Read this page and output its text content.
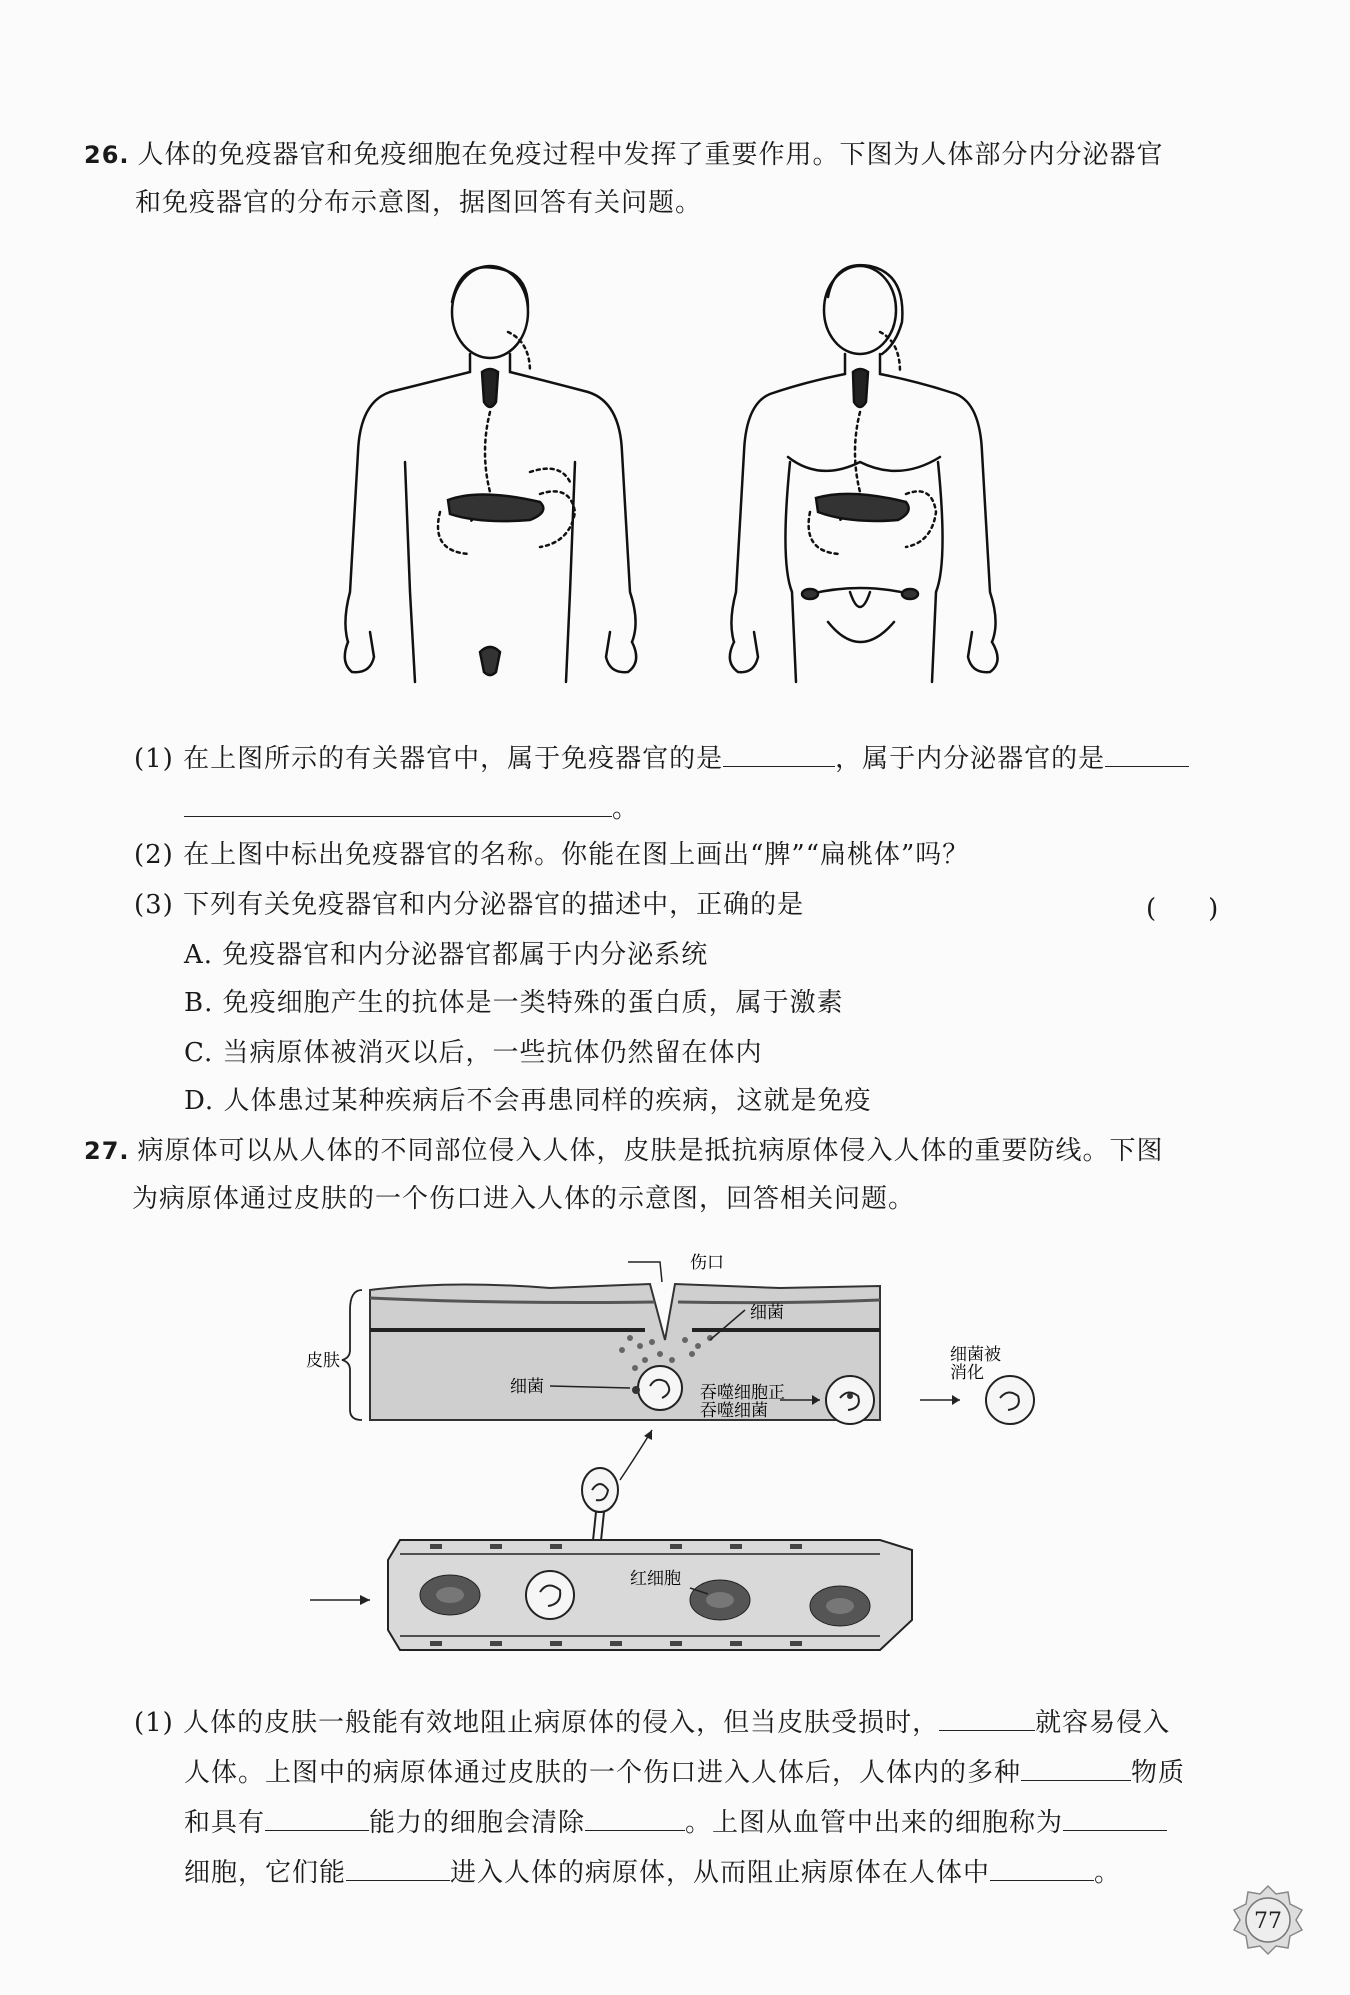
26. 人体的免疫器官和免疫细胞在免疫过程中发挥了重要作用。下图为人体部分内分泌器官
和免疫器官的分布示意图，据图回答有关问题。
(1) 在上图所示的有关器官中，属于免疫器官的是	，属于内分泌器官的是
。
(2) 在上图中标出免疫器官的名称。你能在图上画出“脾”“扁桃体”吗？
(3) 下列有关免疫器官和内分泌器官的描述中，正确的是	(　　)
A. 免疫器官和内分泌器官都属于内分泌系统
B. 免疫细胞产生的抗体是一类特殊的蛋白质，属于激素
C. 当病原体被消灭以后，一些抗体仍然留在体内
D. 人体患过某种疾病后不会再患同样的疾病，这就是免疫
27. 病原体可以从人体的不同部位侵入人体，皮肤是抵抗病原体侵入人体的重要防线。下图
为病原体通过皮肤的一个伤口进入人体的示意图，回答相关问题。
伤口
皮肤
细菌
细菌	吞噬细胞正
吞噬细菌
细菌被
消化
红细胞
(1) 人体的皮肤一般能有效地阻止病原体的侵入，但当皮肤受损时，	就容易侵入
人体。上图中的病原体通过皮肤的一个伤口进入人体后，人体内的多种	物质
和具有	能力的细胞会清除	。上图从血管中出来的细胞称为
细胞，它们能	进入人体的病原体，从而阻止病原体在人体中	。
77
